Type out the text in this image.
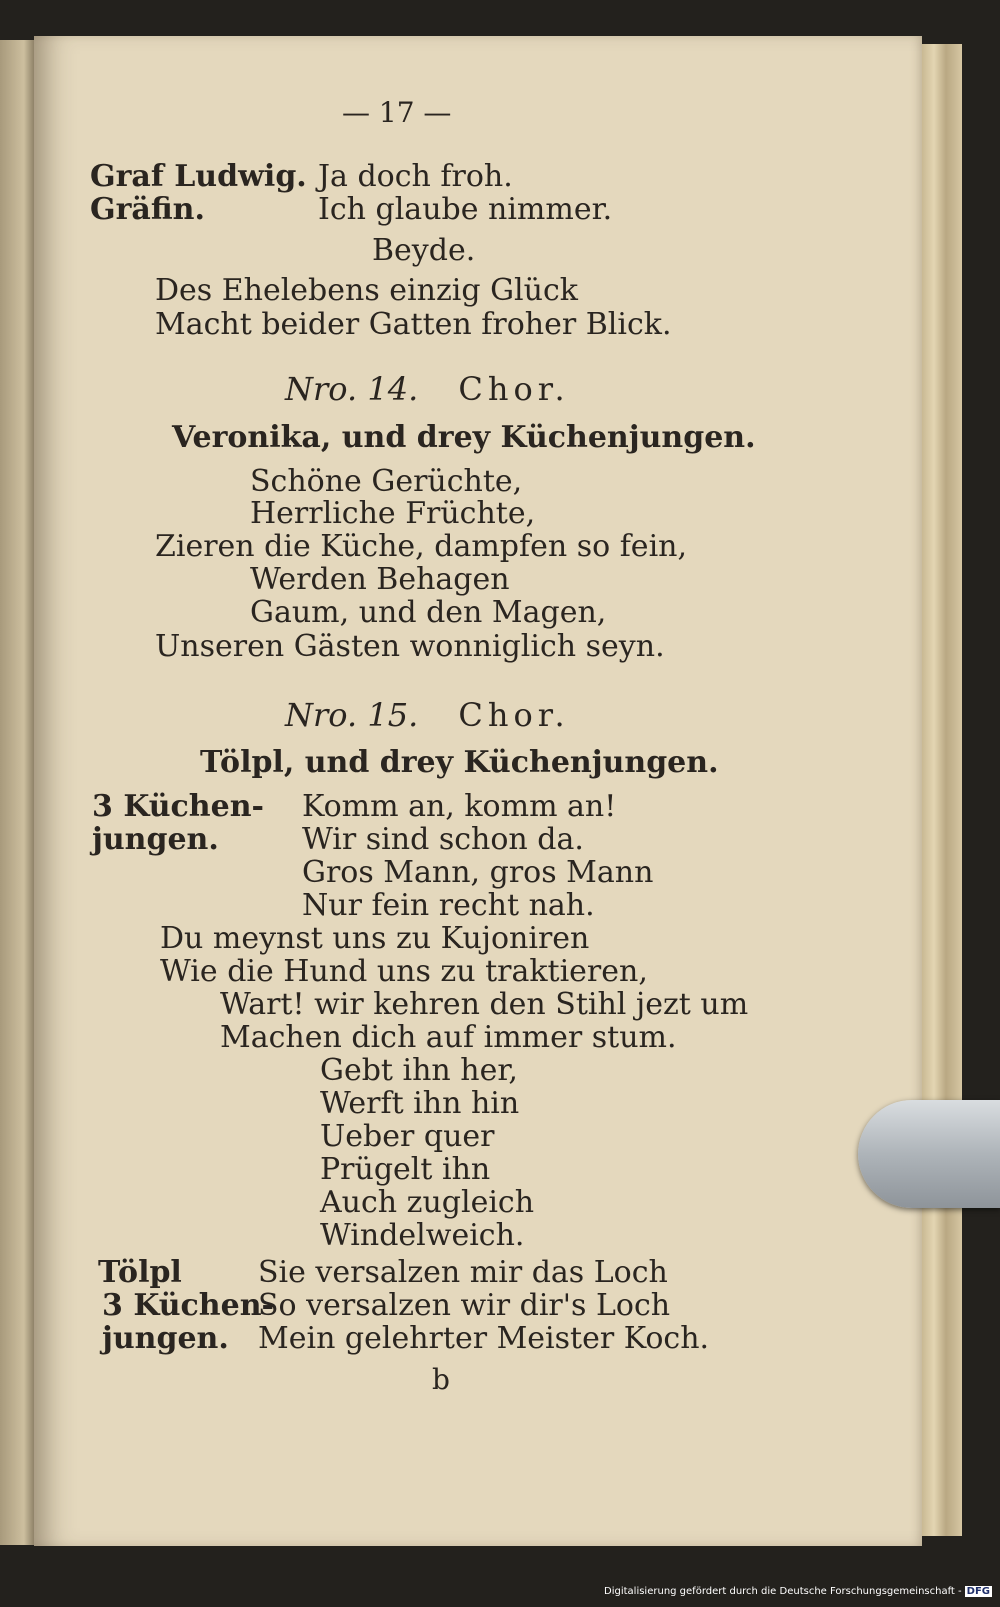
— 17 —
Graf Ludwig. Ja doch froh.
Gräfin.	Ich glaube nimmer.
Beyde.
Des Ehelebens einzig Glück
Macht beider Gatten froher Blick.
Nro. 14. Chor.
Veronika, und drey Küchenjungen.
Schöne Gerüchte,
Herrliche Früchte,
Zieren die Küche, dampfen so fein,
Werden Behagen
Gaum, und den Magen,
Unseren Gästen wonniglich seyn.
Nro. 15. Chor.
Tölpl, und drey Küchenjungen.
3 Küchen-
jungen.
Komm an, komm an!
Wir sind schon da.
Gros Mann, gros Mann
Nur fein recht nah.
Du meynst uns zu Kujoniren
Wie die Hund uns zu traktieren,
Wart! wir kehren den Stihl jezt um
Machen dich auf immer stum.
Gebt ihn her,
Werft ihn hin
Ueber quer
Prügelt ihn
Auch zugleich
Windelweich.
Tölpl	Sie versalzen mir das Loch
3 Küchen-
jungen.
So versalzen wir dir's Loch
Mein gelehrter Meister Koch.
b
Digitalisierung gefördert durch die Deutsche Forschungsgemeinschaft - DFG
